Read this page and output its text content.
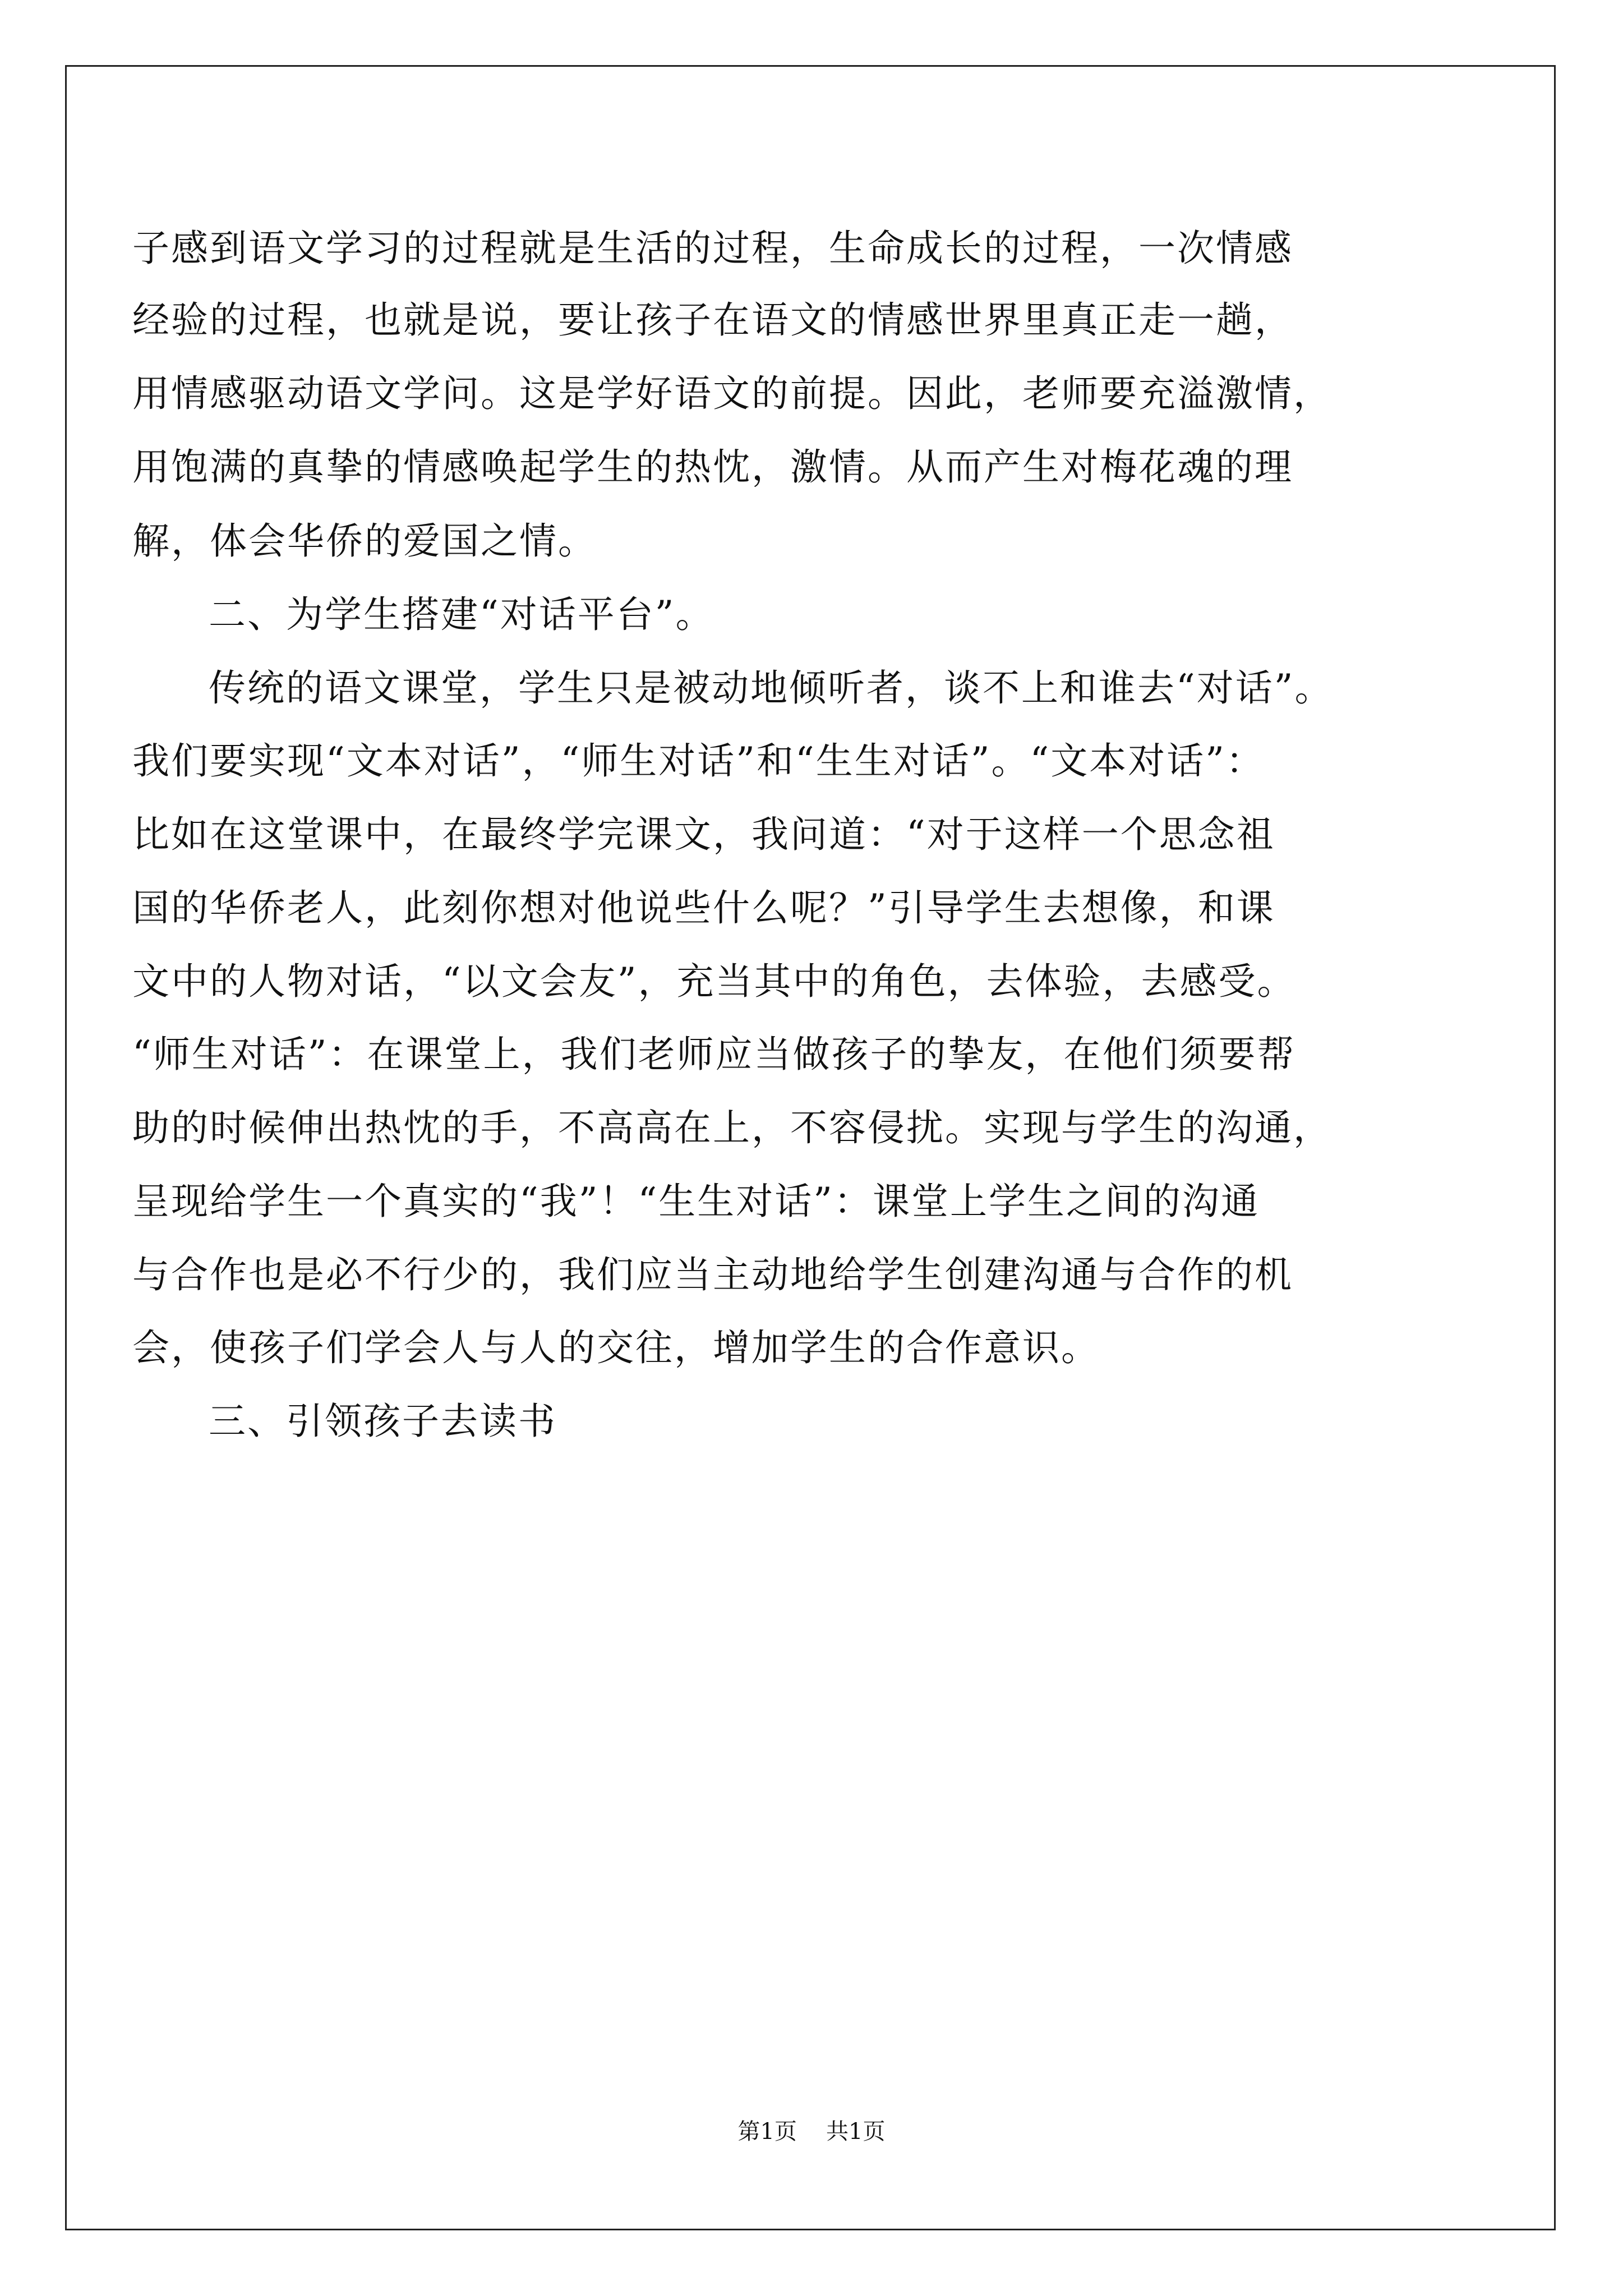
子感到语文学习的过程就是生活的过程，生命成长的过程，一次情感
经验的过程，也就是说，要让孩子在语文的情感世界里真正走一趟，
用情感驱动语文学问。这是学好语文的前提。因此，老师要充溢激情，
用饱满的真挚的情感唤起学生的热忱，激情。从而产生对梅花魂的理
解，体会华侨的爱国之情。
二、为学生搭建“对话平台”。
传统的语文课堂，学生只是被动地倾听者，谈不上和谁去“对话”。
我们要实现“文本对话”，“师生对话”和“生生对话”。“文本对话”：
比如在这堂课中，在最终学完课文，我问道：“对于这样一个思念祖
国的华侨老人，此刻你想对他说些什么呢？”引导学生去想像，和课
文中的人物对话，“以文会友”，充当其中的角色，去体验，去感受。
“师生对话”：在课堂上，我们老师应当做孩子的挚友，在他们须要帮
助的时候伸出热忱的手，不高高在上，不容侵扰。实现与学生的沟通，
呈现给学生一个真实的“我”！“生生对话”：课堂上学生之间的沟通
与合作也是必不行少的，我们应当主动地给学生创建沟通与合作的机
会，使孩子们学会人与人的交往，增加学生的合作意识。
三、引领孩子去读书
第1页 共1页
